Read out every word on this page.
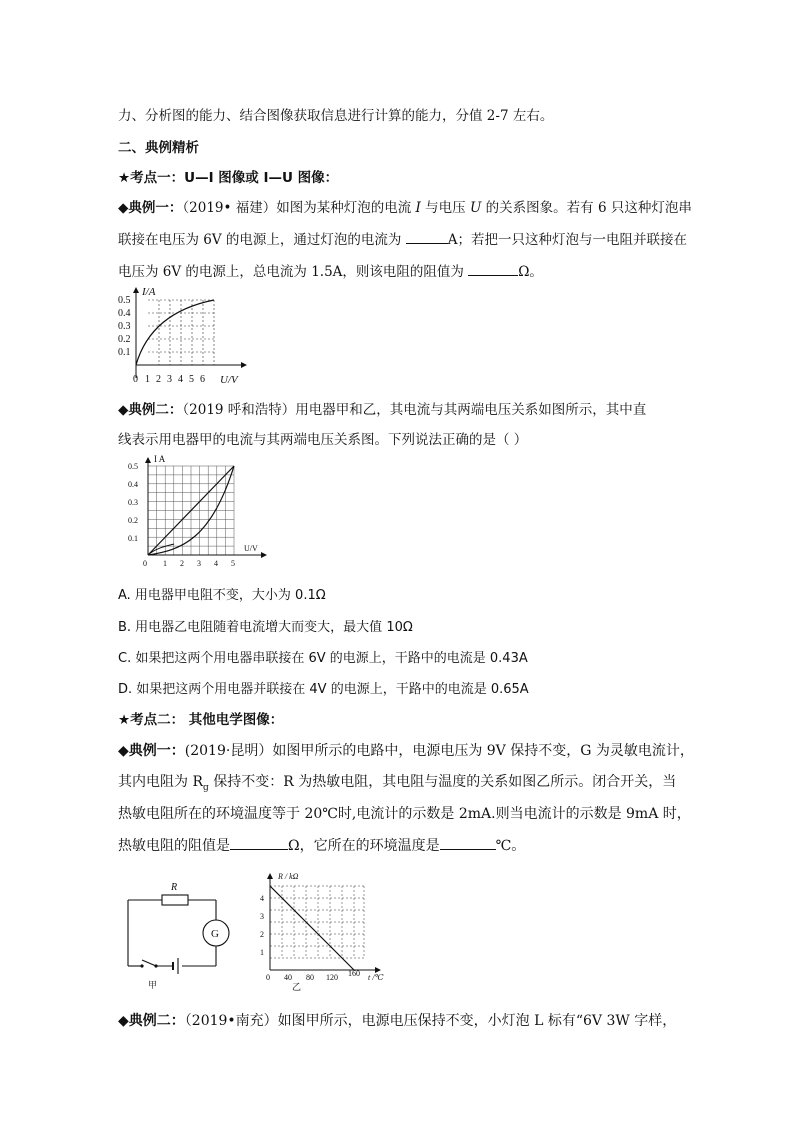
力、分析图的能力、结合图像获取信息进行计算的能力，分值 2-7 左右。
二、典例精析
★考点一：U—I 图像或 I—U 图像：
◆典例一：（2019• 福建）如图为某种灯泡的电流 I 与电压 U 的关系图象。若有 6 只这种灯泡串
联接在电压为 6V 的电源上，通过灯泡的电流为	A；若把一只这种灯泡与一电阻并联接在
电压为 6V 的电源上，总电流为 1.5A，则该电阻的阻值为	Ω。
I/A
0.5
0.4
0.3
0.2
0.1
0 1 2 3 4 5 6 U/V
◆典例二：（2019 呼和浩特）用电器甲和乙，其电流与其两端电压关系如图所示，其中直
线表示用电器甲的电流与其两端电压关系图。下列说法正确的是（ ）
I A
0.5
0.4
0.3
0.2
0.1
0 1 2 3 4 5
U/V
A. 用电器甲电阻不变，大小为 0.1Ω
B. 用电器乙电阻随着电流增大而变大，最大值 10Ω
C. 如果把这两个用电器串联接在 6V 的电源上，干路中的电流是 0.43A
D. 如果把这两个用电器并联接在 4V 的电源上，干路中的电流是 0.65A
★考点二： 其他电学图像：
◆典例一：(2019·昆明）如图甲所示的电路中，电源电压为 9V 保持不变，G 为灵敏电流计，
其内电阻为 $R_g$ 保持不变：R 为热敏电阻，其电阻与温度的关系如图乙所示。闭合开关，当
热敏电阻所在的环境温度等于 20℃时,电流计的示数是 2mA.则当电流计的示数是 9mA 时，
热敏电阻的阻值是	Ω，它所在的环境温度是	℃。
R
G
甲
R / kΩ
4
3
2
1
0 40 80 120 160 t /℃
乙
◆典例二：（2019•南充）如图甲所示，电源电压保持不变，小灯泡 L 标有“6V 3W 字样，
